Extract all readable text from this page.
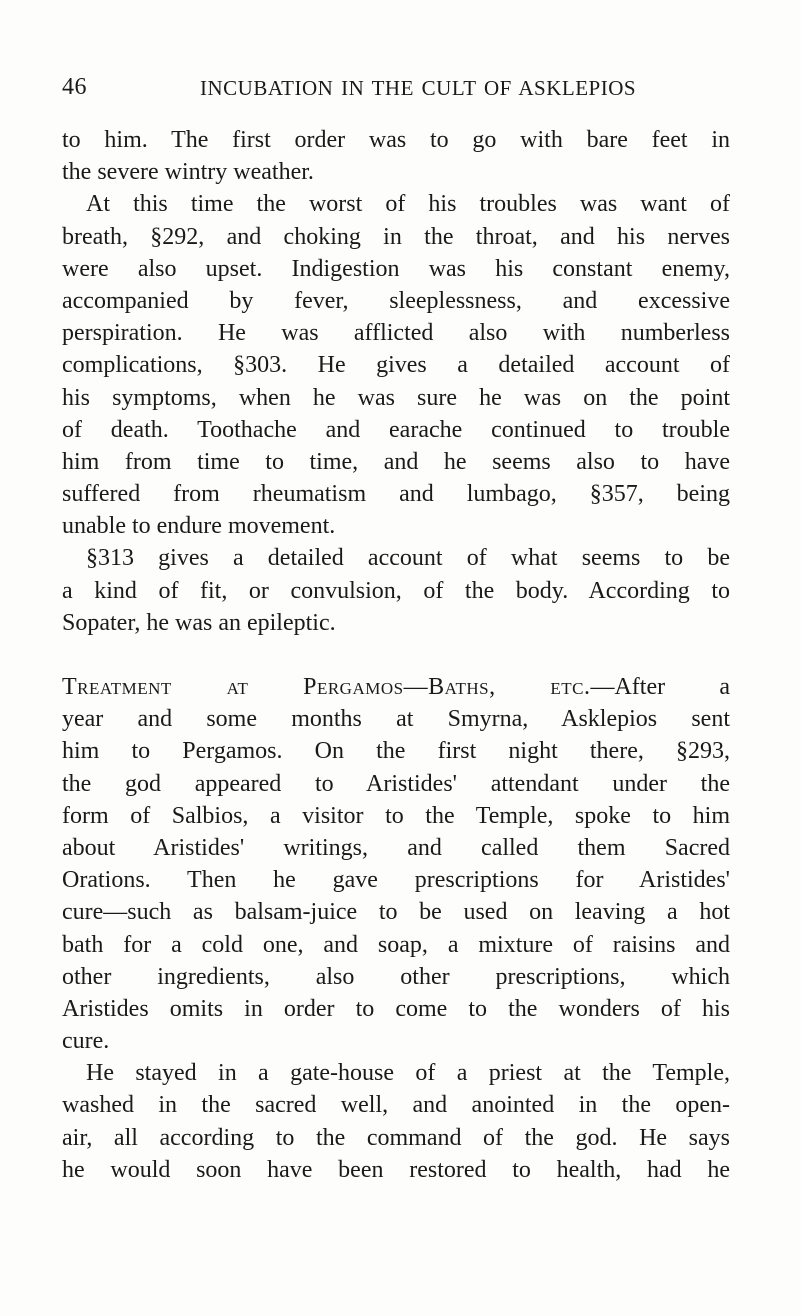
46	INCUBATION IN THE CULT OF ASKLEPIOS
to him. The first order was to go with bare feet in
the severe wintry weather.
At this time the worst of his troubles was want of
breath, §292, and choking in the throat, and his nerves
were also upset. Indigestion was his constant enemy,
accompanied by fever, sleeplessness, and excessive
perspiration. He was afflicted also with numberless
complications, §303. He gives a detailed account of
his symptoms, when he was sure he was on the point
of death. Toothache and earache continued to trouble
him from time to time, and he seems also to have
suffered from rheumatism and lumbago, §357, being
unable to endure movement.
§313 gives a detailed account of what seems to be
a kind of fit, or convulsion, of the body. According to
Sopater, he was an epileptic.
Treatment at Pergamos—Baths, etc.—After a
year and some months at Smyrna, Asklepios sent
him to Pergamos. On the first night there, §293,
the god appeared to Aristides' attendant under the
form of Salbios, a visitor to the Temple, spoke to him
about Aristides' writings, and called them Sacred
Orations. Then he gave prescriptions for Aristides'
cure—such as balsam-juice to be used on leaving a hot
bath for a cold one, and soap, a mixture of raisins and
other ingredients, also other prescriptions, which
Aristides omits in order to come to the wonders of his
cure.
He stayed in a gate-house of a priest at the Temple,
washed in the sacred well, and anointed in the open-
air, all according to the command of the god. He says
he would soon have been restored to health, had he
